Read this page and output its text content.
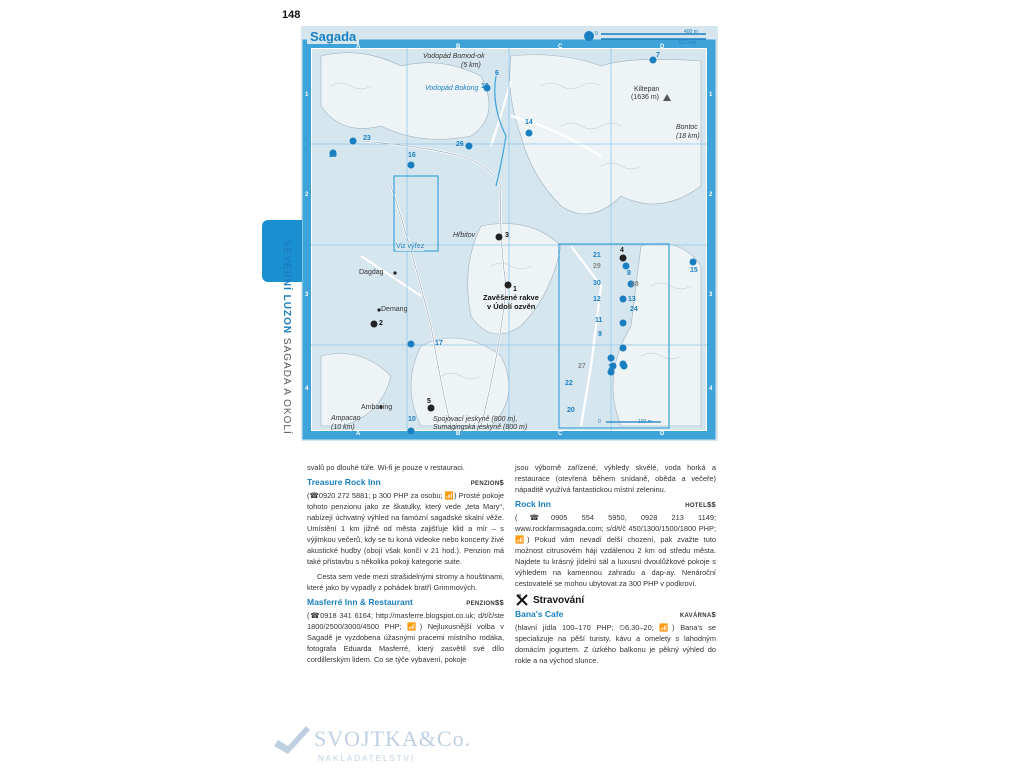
148
Vodopád Bomod-ok
(5 km)
Vodopád Bokong	Kiltepan
(1636 m)
Bontoc
(18 km)
Hřbitov
Viz výřez
Dagdag
Demang
Zavěšené rakve
v Údolí ozvěn
Ambasing
Ampacao
(10 km)
Spojovací jeskyně (800 m),
Sumagingská jeskyně (800 m)
0	400 m
0,2 mile
0	100 m
A	B	C	D
A	B	C	D
1
2
3
4
1
2
3
4
1
2
3
4
5
6
7
8
9
10
11
12	13
14
15
16
17
18
19
20
21
22
23
24
25
26
27
28
29
30
Sagada
SEVERNÍ LUZON SAGADA A OKOLÍ

svalů po dlouhé túře. Wi-fi je pouze v restauraci.

Treasure Rock Inn	PENZION$

(☎0920 272 5881; p 300 PHP za osobu; 📶) Prosté pokoje tohoto penzionu jako ze škatulky, který vede „teta Mary“, nabízejí úchvatný výhled na famózní sagadské skalní věže. Umístění 1 km jižně od města zajišťuje klid a mír – s výjimkou večerů, kdy se tu koná videoke nebo koncerty živé akustické hudby (obojí však končí v 21 hod.). Penzion má také přístavbu s několika pokoji kategorie suite.

Cesta sem vede mezi strašidelnými stromy a houštinami, které jako by vypadly z pohádek bratří Grimmových.

Masferré Inn & Restaurant	PENZION$$

(☎0918 341 6164; http://masferre.blogspot.co.uk; d/t/č/ste 1800/2500/3000/4500 PHP; 📶) Nejluxusnější volba v Sagadě je vyzdobena úžasnými pracemi místního rodáka, fotografa Eduarda Masferré, který zasvětil své dílo cordillerským lidem. Co se týče vybavení, pokoje

jsou výborně zařízené, výhledy skvělé, voda horká a restaurace (otevřená během snídaně, oběda a večeře) nápaditě využívá fantastickou místní zeleninu.

Rock Inn	HOTEL$$

(☎0905 554 5950, 0928 213 1149; www.rockfarmsagada.com; s/d/t/č 450/1300/1500/1800 PHP; 📶) Pokud vám nevadí delší chození, pak zvažte tuto možnost citrusovém háji vzdálenou 2 km od středu města. Najdete tu krásný jídelní sál a luxusní dvoulůžkové pokoje s výhledem na kamennou zahradu a dap-ay. Nenároční cestovatelé se mohou ubytovat za 300 PHP v podkroví.

Stravování
Bana's Cafe	KAVÁRNA$

(hlavní jídla 100–170 PHP; ⏲6.30–20; 📶) Bana's se specializuje na pěší turisty, kávu a omelety s lahodným domácím jogurtem. Z úzkého balkonu je pěkný výhled do rokle a na východ slunce.

SVOJTKA&Co.
NAKLADATELSTVÍ
